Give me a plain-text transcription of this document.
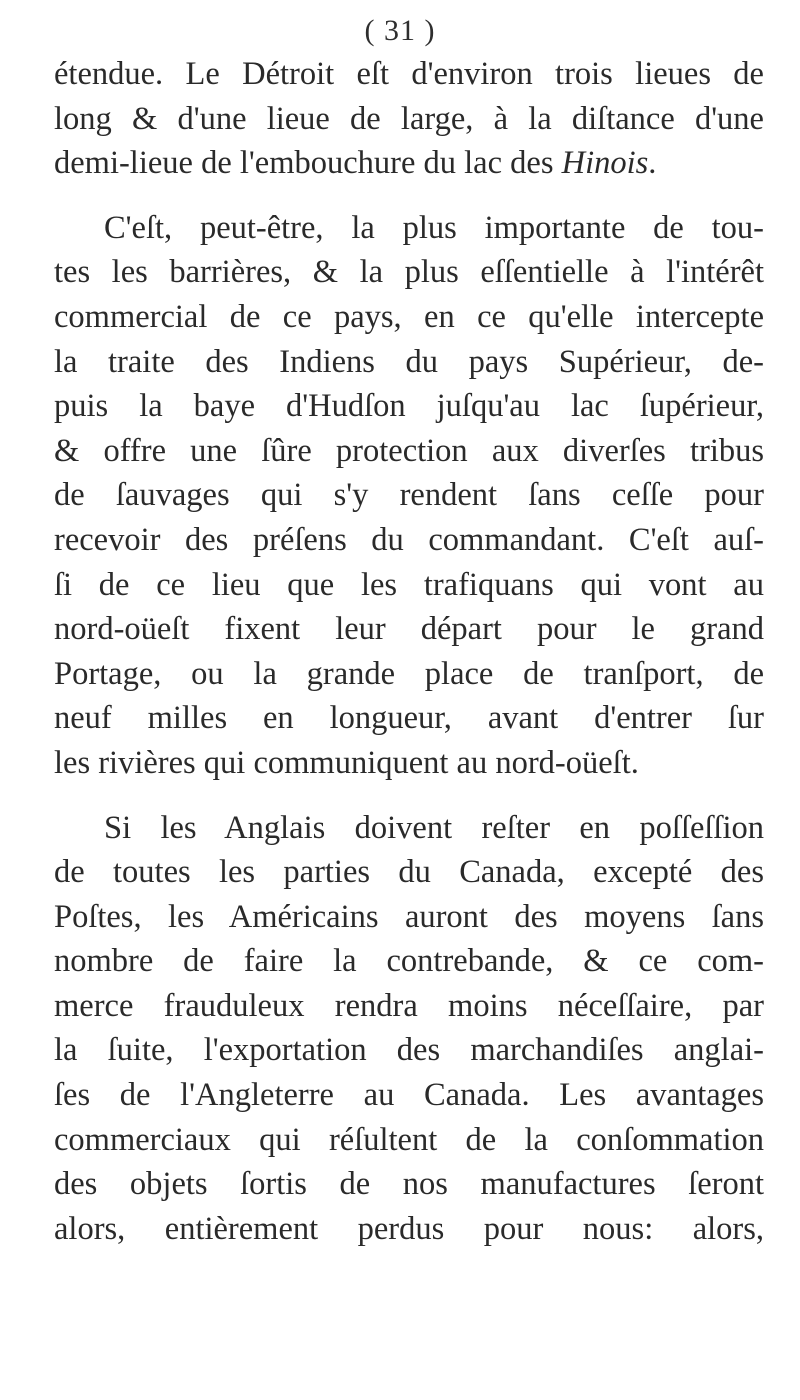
( 31 )
étendue. Le Détroit eſt d'environ trois lieues de
long & d'une lieue de large, à la diſtance d'une
demi-lieue de l'embouchure du lac des Hinois.
C'eſt, peut-être, la plus importante de tou-
tes les barrières, & la plus eſſentielle à l'intérêt
commercial de ce pays, en ce qu'elle intercepte
la traite des Indiens du pays Supérieur, de-
puis la baye d'Hudſon juſqu'au lac ſupérieur,
& offre une ſûre protection aux diverſes tribus
de ſauvages qui s'y rendent ſans ceſſe pour
recevoir des préſens du commandant. C'eſt auſ-
ſi de ce lieu que les trafiquans qui vont au
nord-oüeſt fixent leur départ pour le grand
Portage, ou la grande place de tranſport, de
neuf milles en longueur, avant d'entrer ſur
les rivières qui communiquent au nord-oüeſt.
Si les Anglais doivent reſter en poſſeſſion
de toutes les parties du Canada, excepté des
Poſtes, les Américains auront des moyens ſans
nombre de faire la contrebande, & ce com-
merce frauduleux rendra moins néceſſaire, par
la ſuite, l'exportation des marchandiſes anglai-
ſes de l'Angleterre au Canada. Les avantages
commerciaux qui réſultent de la conſommation
des objets ſortis de nos manufactures ſeront
alors, entièrement perdus pour nous: alors,
